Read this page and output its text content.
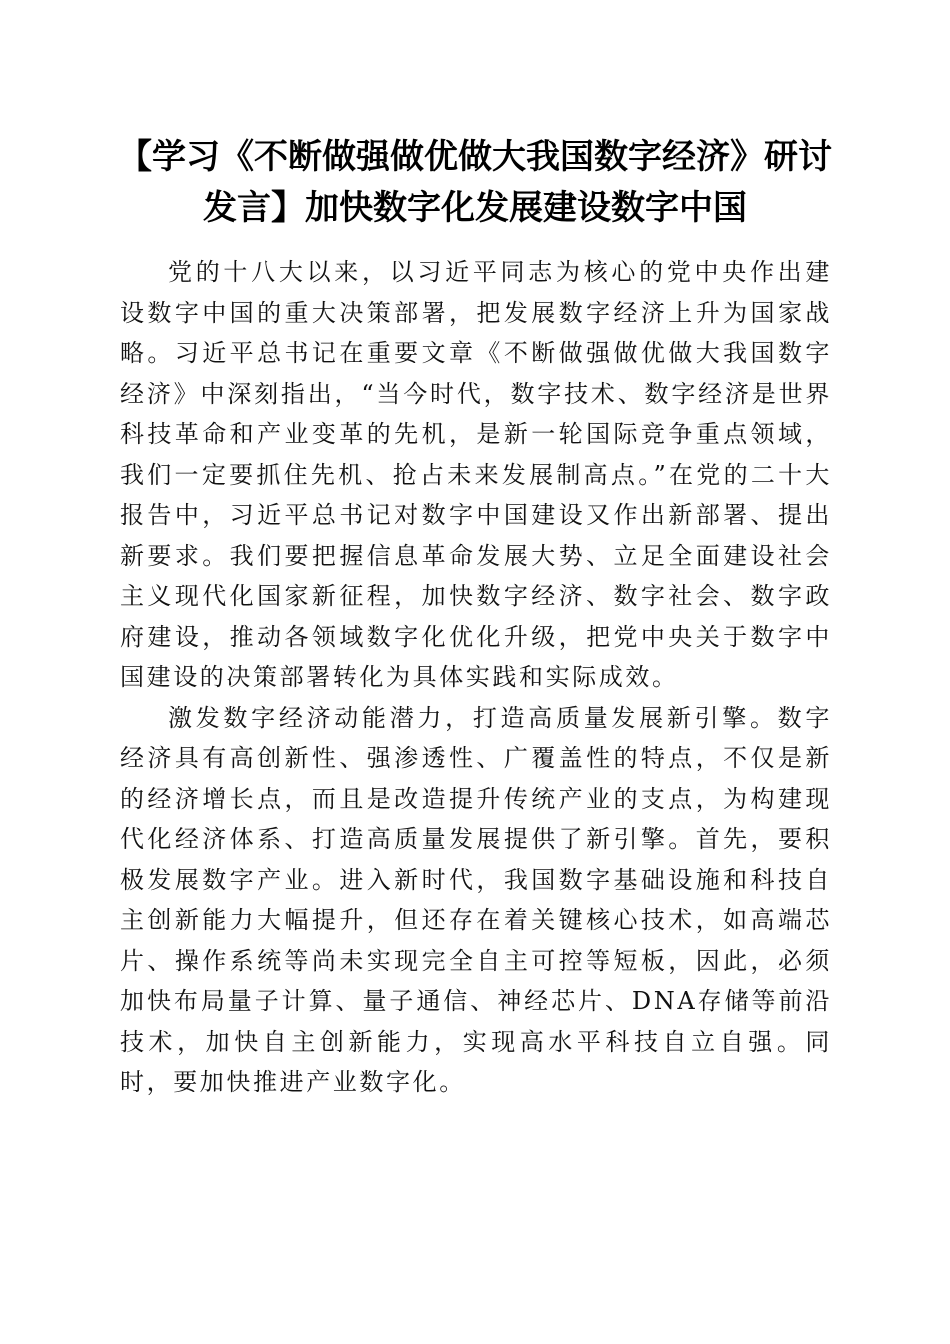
【学习《不断做强做优做大我国数字经济》研讨发言】加快数字化发展建设数字中国

党的十八大以来，以习近平同志为核心的党中央作出建设数字中国的重大决策部署，把发展数字经济上升为国家战略。习近平总书记在重要文章《不断做强做优做大我国数字经济》中深刻指出，“当今时代，数字技术、数字经济是世界科技革命和产业变革的先机，是新一轮国际竞争重点领域，我们一定要抓住先机、抢占未来发展制高点。”在党的二十大报告中，习近平总书记对数字中国建设又作出新部署、提出新要求。我们要把握信息革命发展大势、立足全面建设社会主义现代化国家新征程，加快数字经济、数字社会、数字政府建设，推动各领域数字化优化升级，把党中央关于数字中国建设的决策部署转化为具体实践和实际成效。

激发数字经济动能潜力，打造高质量发展新引擎。数字经济具有高创新性、强渗透性、广覆盖性的特点，不仅是新的经济增长点，而且是改造提升传统产业的支点，为构建现代化经济体系、打造高质量发展提供了新引擎。首先，要积极发展数字产业。进入新时代，我国数字基础设施和科技自主创新能力大幅提升，但还存在着关键核心技术，如高端芯片、操作系统等尚未实现完全自主可控等短板，因此，必须加快布局量子计算、量子通信、神经芯片、DNA存储等前沿技术，加快自主创新能力，实现高水平科技自立自强。同时，要加快推进产业数字化。
